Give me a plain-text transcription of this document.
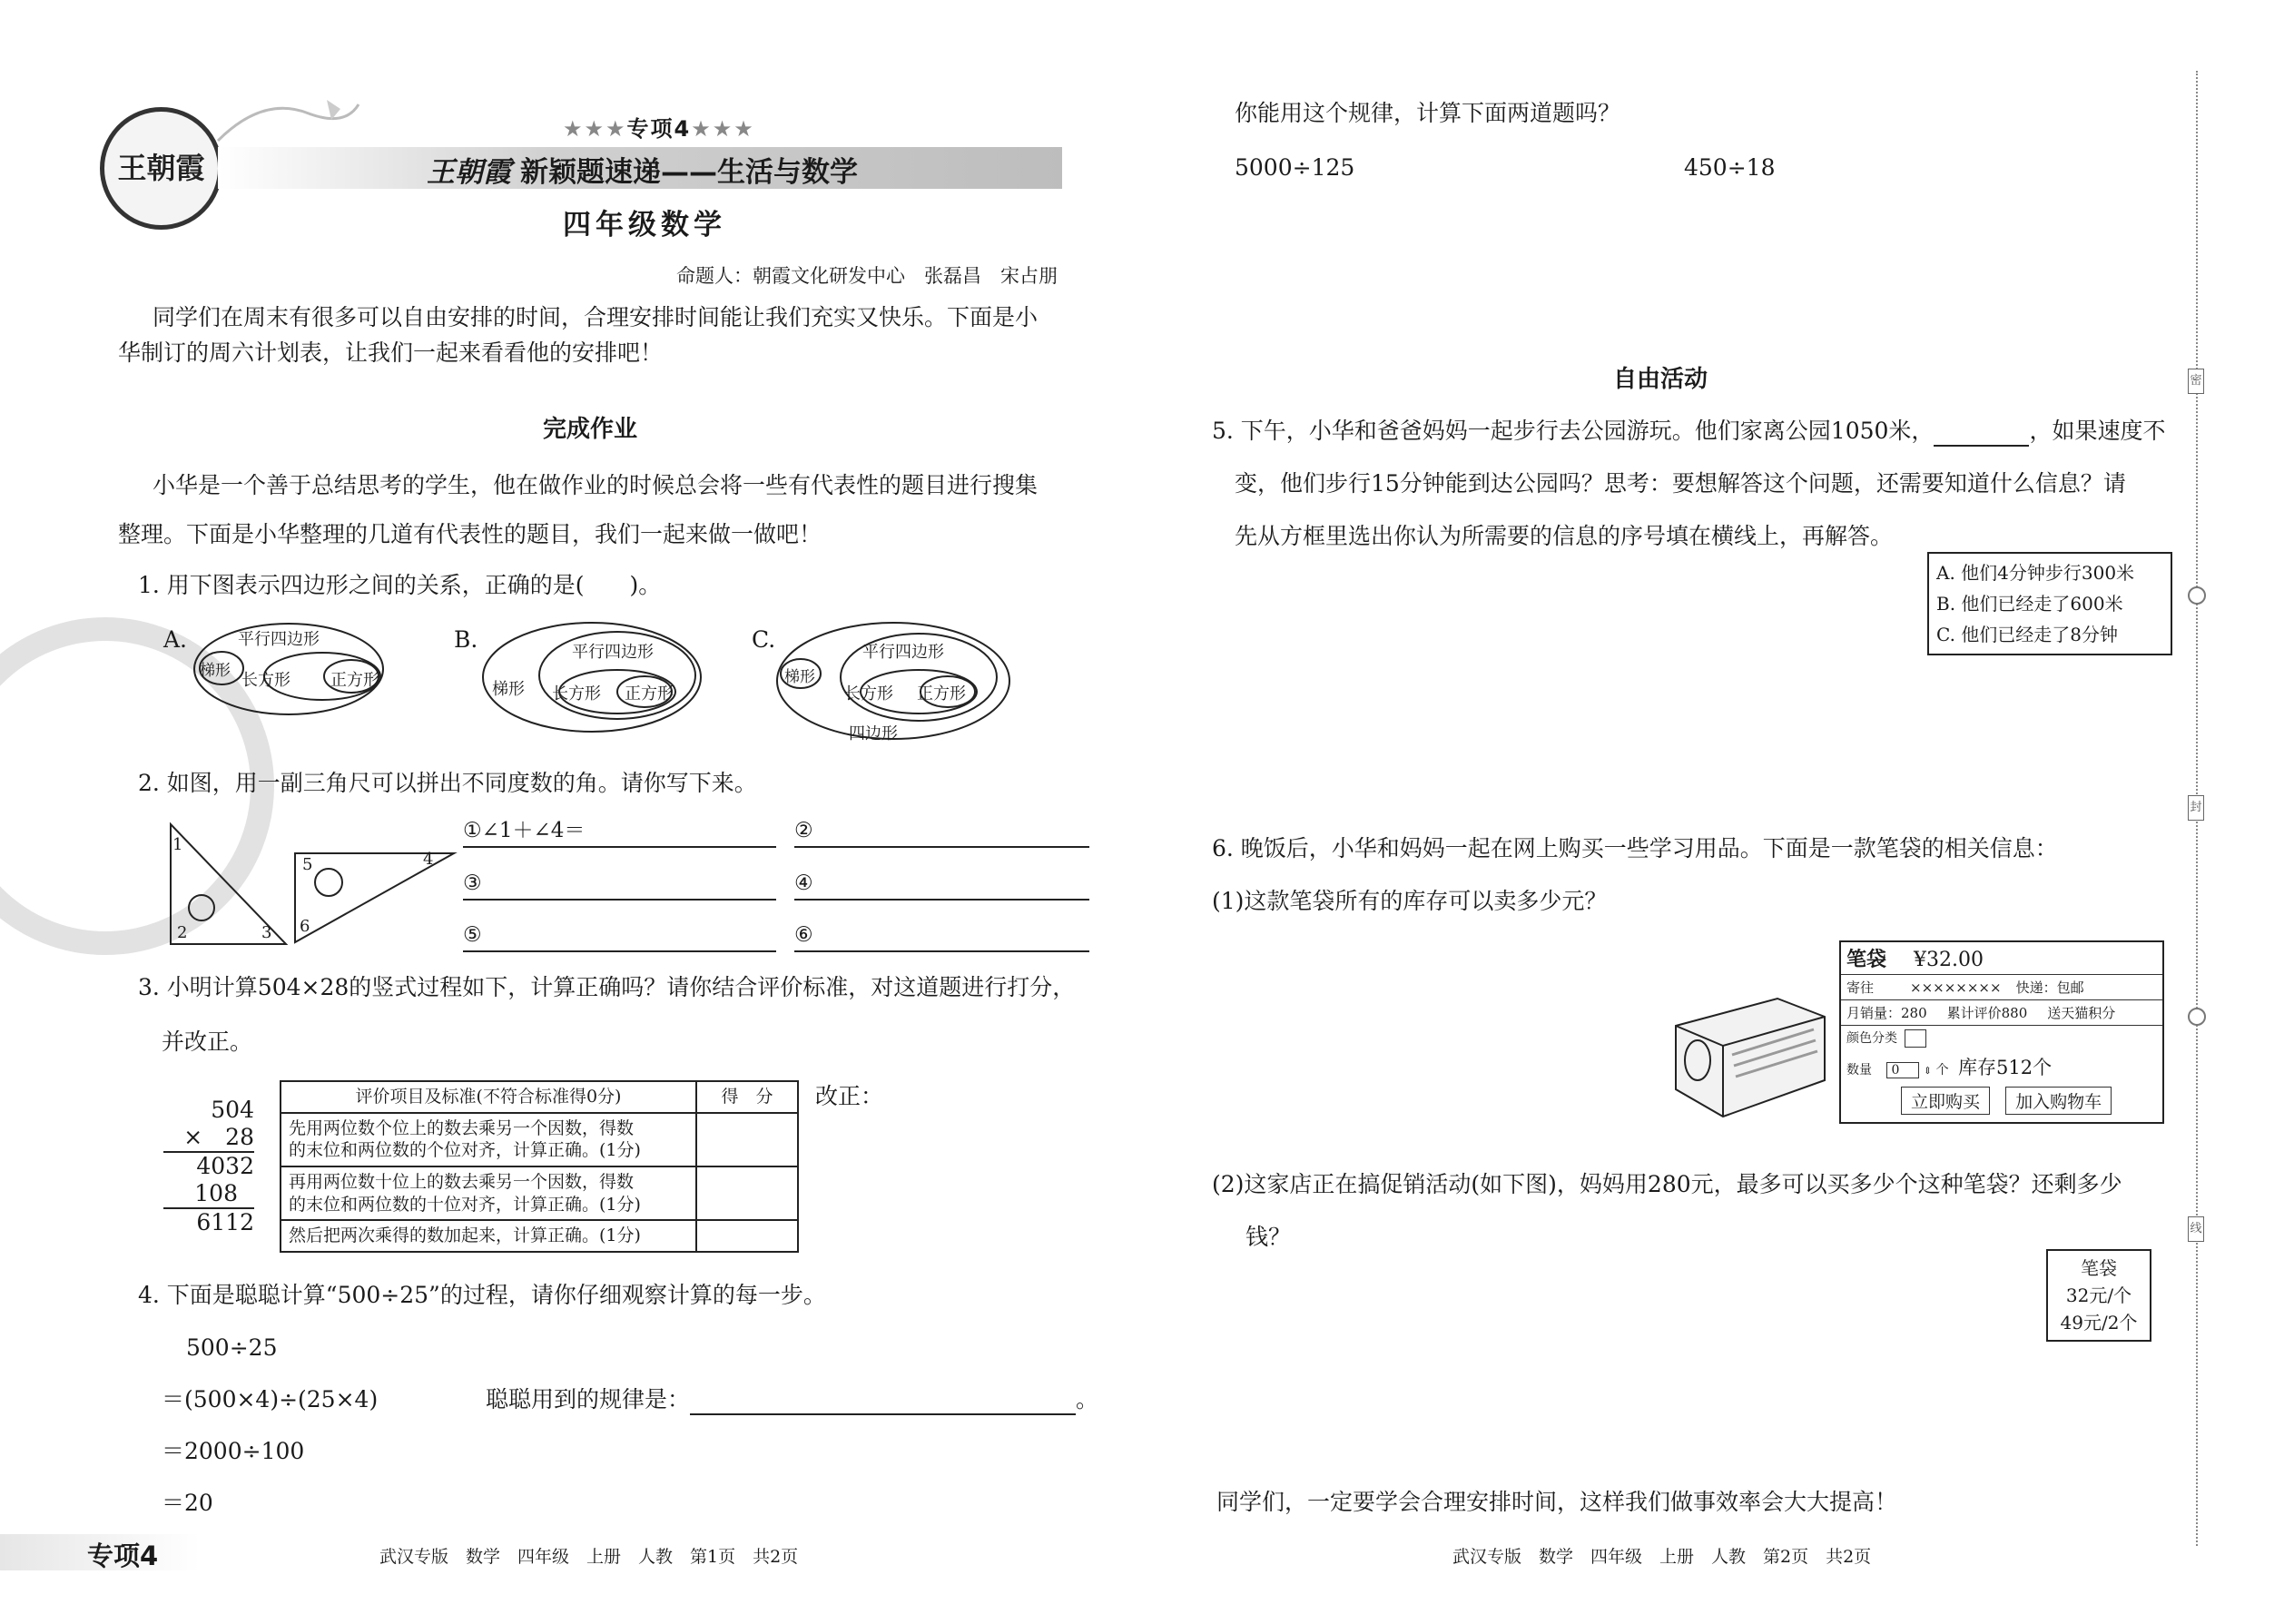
王朝霞
★★★专项4★★★
王朝霞 新颖题速递——生活与数学
四年级数学
命题人：朝霞文化研发中心　张磊昌　宋占朋
同学们在周末有很多可以自由安排的时间，合理安排时间能让我们充实又快乐。下面是小
华制订的周六计划表，让我们一起来看看他的安排吧！
完成作业
小华是一个善于总结思考的学生，他在做作业的时候总会将一些有代表性的题目进行搜集
整理。下面是小华整理的几道有代表性的题目，我们一起来做一做吧！
1. 用下图表示四边形之间的关系，正确的是(　　)。
A.	平行四边形
梯形 长方形 正方形
B.
梯形
平行四边形
长方形 正方形
C.
梯形
平行四边形
长方形 正方形
四边形
2. 如图，用一副三角尺可以拼出不同度数的角。请你写下来。
1
2	3
5
6
4
①∠1＋∠4＝	②
③	④
⑤	⑥
3. 小明计算504×28的竖式过程如下，计算正确吗？请你结合评价标准，对这道题进行打分，
并改正。
504
×　28
4032
108
6112
评价项目及标准(不符合标准得0分)	得　分

先用两位数个位上的数去乘另一个因数，得数
的末位和两位数的个位对齐，计算正确。(1分)	

再用两位数十位上的数去乘另一个因数，得数
的末位和两位数的十位对齐，计算正确。(1分)	

然后把两次乘得的数加起来，计算正确。(1分)	

改正：
4. 下面是聪聪计算“500÷25”的过程，请你仔细观察计算的每一步。
500÷25
＝(500×4)÷(25×4)
＝2000÷100
＝20
聪聪用到的规律是：	。
专项4	武汉专版　数学　四年级　上册　人教　第1页　共2页
你能用这个规律，计算下面两道题吗？
5000÷125	450÷18
自由活动
5. 下午，小华和爸爸妈妈一起步行去公园游玩。他们家离公园1050米，	，如果速度不
变，他们步行15分钟能到达公园吗？思考：要想解答这个问题，还需要知道什么信息？请
先从方框里选出你认为所需要的信息的序号填在横线上，再解答。
A. 他们4分钟步行300米
B. 他们已经走了600米
C. 他们已经走了8分钟
6. 晚饭后，小华和妈妈一起在网上购买一些学习用品。下面是一款笔袋的相关信息：
(1)这款笔袋所有的库存可以卖多少元？
笔袋 ¥32.00
寄往	×××××××× 快递：包邮
月销量：280 累计评价880 送天猫积分
颜色分类
数量 0 ⇕ 个 库存512个
立即购买 加入购物车
(2)这家店正在搞促销活动(如下图)，妈妈用280元，最多可以买多少个这种笔袋？还剩多少
钱？
笔袋
32元/个
49元/2个
同学们，一定要学会合理安排时间，这样我们做事效率会大大提高！
武汉专版　数学　四年级　上册　人教　第2页　共2页
密
封
线
